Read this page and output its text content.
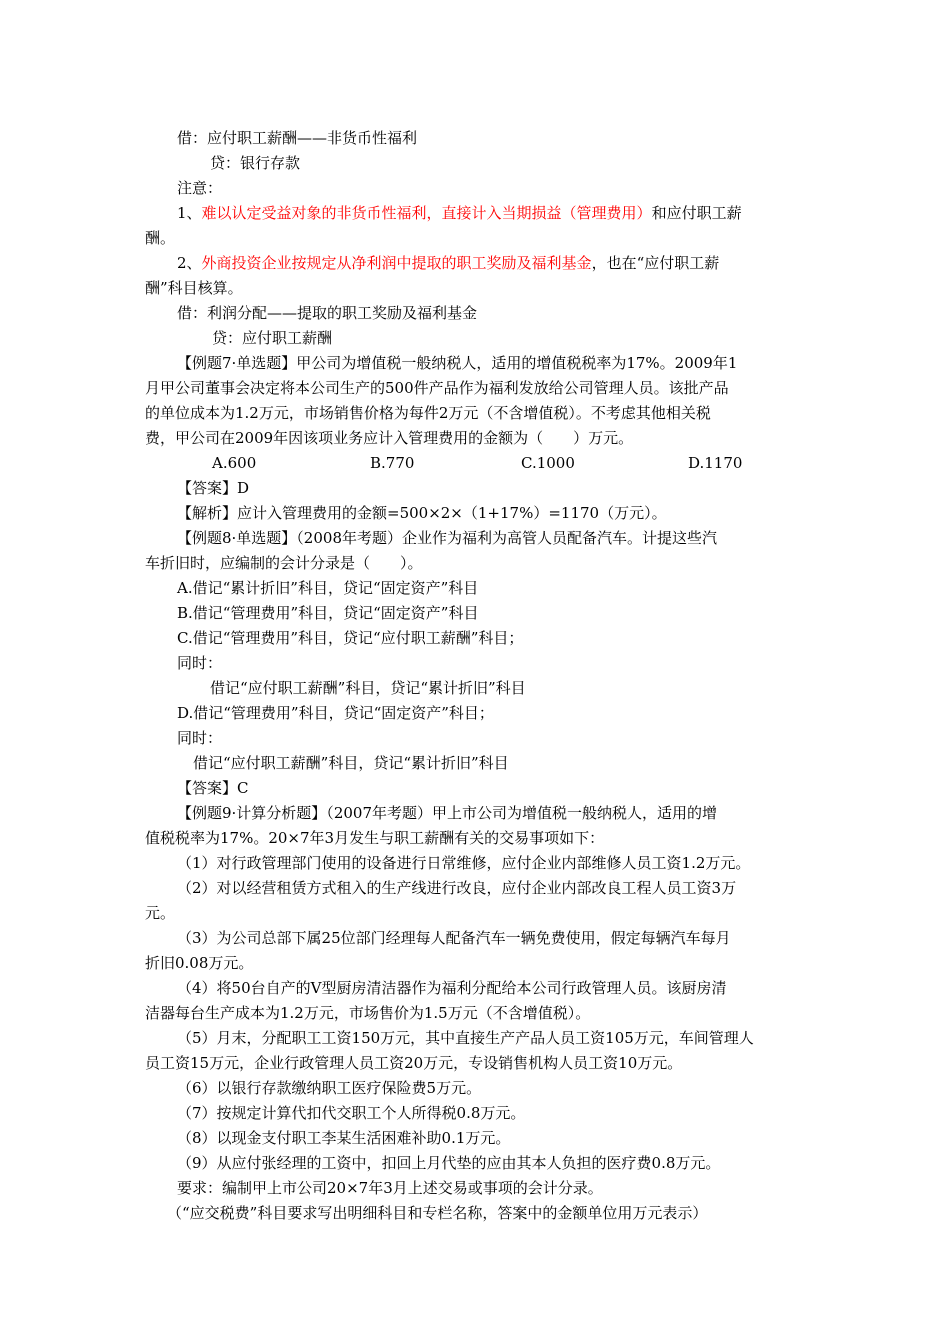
借：应付职工薪酬——非货币性福利
贷：银行存款
注意：
1、难以认定受益对象的非货币性福利，直接计入当期损益（管理费用）和应付职工薪
酬。
2、外商投资企业按规定从净利润中提取的职工奖励及福利基金，也在“应付职工薪
酬”科目核算。
借：利润分配——提取的职工奖励及福利基金
贷：应付职工薪酬
【例题7·单选题】甲公司为增值税一般纳税人，适用的增值税税率为17%。2009年1
月甲公司董事会决定将本公司生产的500件产品作为福利发放给公司管理人员。该批产品
的单位成本为1.2万元，市场销售价格为每件2万元（不含增值税）。不考虑其他相关税
费，甲公司在2009年因该项业务应计入管理费用的金额为（　　）万元。
A.600	B.770	C.1000	D.1170
【答案】D
【解析】应计入管理费用的金额=500×2×（1+17%）=1170（万元）。
【例题8·单选题】（2008年考题）企业作为福利为高管人员配备汽车。计提这些汽
车折旧时，应编制的会计分录是（　　）。
A.借记“累计折旧”科目，贷记“固定资产”科目
B.借记“管理费用”科目，贷记“固定资产”科目
C.借记“管理费用”科目，贷记“应付职工薪酬”科目；
同时：
借记“应付职工薪酬”科目，贷记“累计折旧”科目
D.借记“管理费用”科目，贷记“固定资产”科目；
同时：
借记“应付职工薪酬”科目，贷记“累计折旧”科目
【答案】C
【例题9·计算分析题】（2007年考题）甲上市公司为增值税一般纳税人，适用的增
值税税率为17%。20×7年3月发生与职工薪酬有关的交易事项如下：
（1）对行政管理部门使用的设备进行日常维修，应付企业内部维修人员工资1.2万元。
（2）对以经营租赁方式租入的生产线进行改良，应付企业内部改良工程人员工资3万
元。
（3）为公司总部下属25位部门经理每人配备汽车一辆免费使用，假定每辆汽车每月
折旧0.08万元。
（4）将50台自产的Ⅴ型厨房清洁器作为福利分配给本公司行政管理人员。该厨房清
洁器每台生产成本为1.2万元，市场售价为1.5万元（不含增值税）。
（5）月末，分配职工工资150万元，其中直接生产产品人员工资105万元，车间管理人
员工资15万元，企业行政管理人员工资20万元，专设销售机构人员工资10万元。
（6）以银行存款缴纳职工医疗保险费5万元。
（7）按规定计算代扣代交职工个人所得税0.8万元。
（8）以现金支付职工李某生活困难补助0.1万元。
（9）从应付张经理的工资中，扣回上月代垫的应由其本人负担的医疗费0.8万元。
要求：编制甲上市公司20×7年3月上述交易或事项的会计分录。
（“应交税费”科目要求写出明细科目和专栏名称，答案中的金额单位用万元表示）
